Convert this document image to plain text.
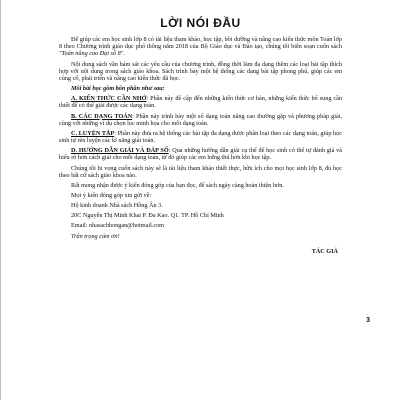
LỜI NÓI ĐẦU

Để giúp các em học sinh lớp 8 có tài liệu tham khảo, học tập, bồi dưỡng và nâng cao kiến thức môn Toán lớp 8 theo Chương trình giáo dục phổ thông năm 2018 của Bộ Giáo dục và Đào tạo, chúng tôi biên soạn cuốn sách "Toán nâng cao Đại số 8".

Nội dung sách vẫn bám sát các yêu cầu của chương trình, đồng thời làm đa dạng thêm các loại bài tập thích hợp với nội dung trong sách giáo khoa. Sách trình bày một hệ thống các dạng bài tập phong phú, giúp các em củng cố, phát triển và nâng cao kiến thức đã học.

Mỗi bài học gồm bốn phần như sau:

A. KIẾN THỨC CẦN NHỚ: Phần này để cập đến những kiến thức cơ bản, những kiến thức bổ sung cần thiết để có thể giải được các dạng toán.

B. CÁC DẠNG TOÁN: Phần này trình bày một số dạng toán nâng cao thường gặp và phương pháp giải, cùng với những ví dụ chọn lọc minh họa cho mỗi dạng toán.

C. LUYỆN TẬP: Phần này đưa ra hệ thống các bài tập đa dạng được phân loại theo các dạng toán, giúp học sinh tự rèn luyện các kĩ năng giải toán.

D. HƯỚNG DẪN GIẢI VÀ ĐÁP SỐ: Qua những hướng dẫn giải cụ thể để học sinh có thể tự đánh giá và hiểu rõ hơn cách giải cho mỗi dạng toán, từ đó giúp các em hứng thú hơn khi học tập.

Chúng tôi hi vọng cuốn sách này sẽ là tài liệu tham khảo thiết thực, hữu ích cho mọi học sinh lớp 8, đủ học theo bất cứ sách giáo khoa nào.

Rất mong nhận được ý kiến đóng góp của bạn đọc, để sách ngày càng hoàn thiện hơn.

Mọi ý kiến đóng góp xin gửi về:

Hộ kinh doanh Nhà sách Hồng Ân 3.

20C Nguyễn Thị Minh Khai P. Đa Kao. Q1. TP. Hồ Chí Minh

Email: nhasachhongan@hotmail.com

Trân trọng cảm ơn!

TÁC GIẢ
3
